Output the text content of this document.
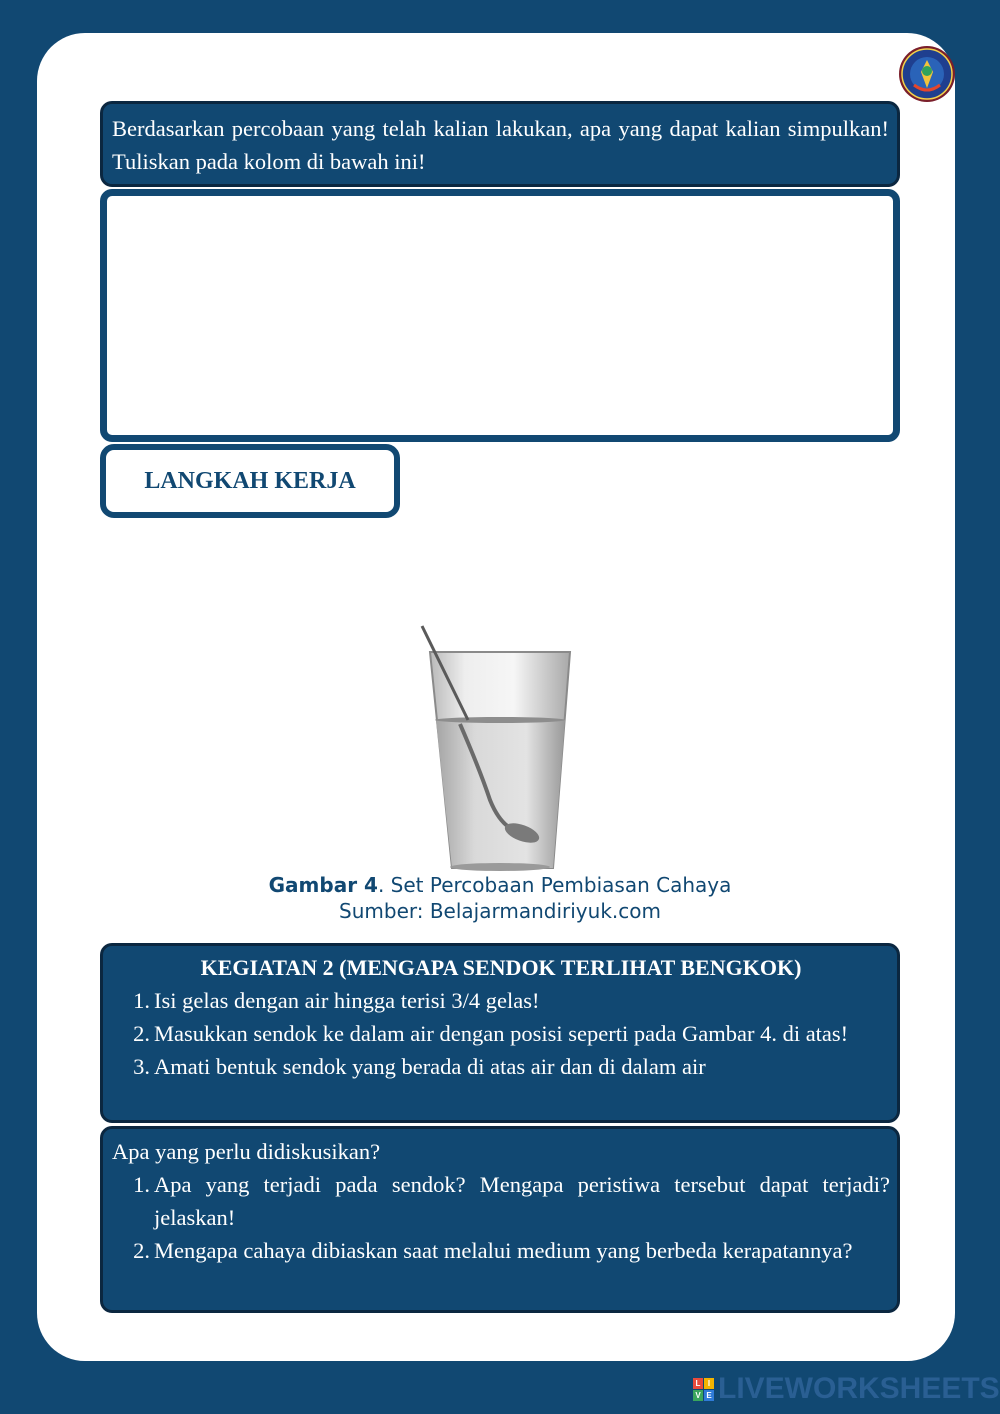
Berdasarkan percobaan yang telah kalian lakukan, apa yang dapat kalian simpulkan! Tuliskan pada kolom di bawah ini!
LANGKAH KERJA
Gambar 4. Set Percobaan Pembiasan Cahaya
Sumber: Belajarmandiriyuk.com
KEGIATAN 2 (MENGAPA SENDOK TERLIHAT BENGKOK)
1. Isi gelas dengan air hingga terisi 3/4 gelas!
2. Masukkan sendok ke dalam air dengan posisi seperti pada Gambar 4. di atas!
3. Amati bentuk sendok yang berada di atas air dan di dalam air
Apa yang perlu didiskusikan?
1. Apa yang terjadi pada sendok? Mengapa peristiwa tersebut dapat terjadi? jelaskan!
2. Mengapa cahaya dibiaskan saat melalui medium yang berbeda kerapatannya?
L I
V E LIVEWORKSHEETS
